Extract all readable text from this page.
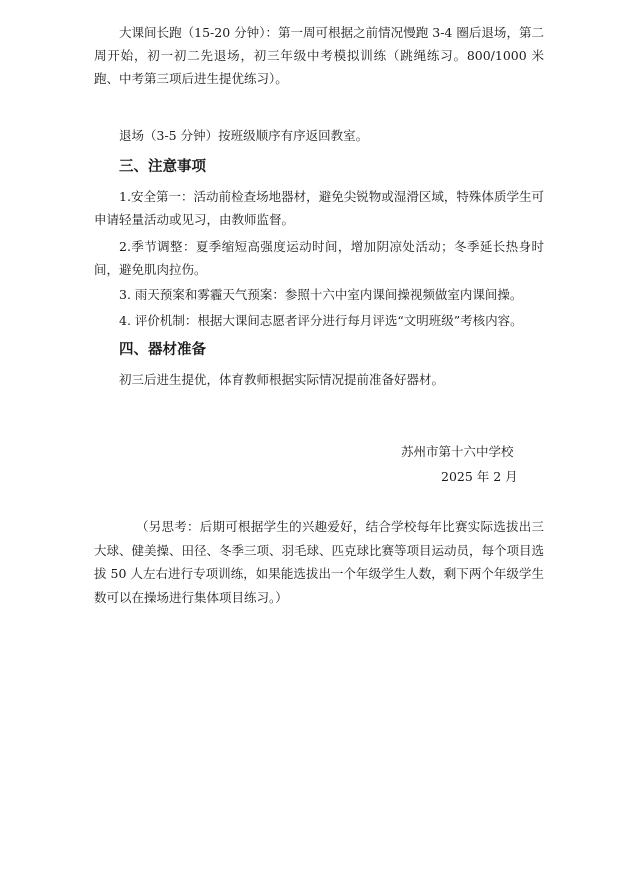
大课间长跑（15-20 分钟）：第一周可根据之前情况慢跑 3-4 圈后退场，第二周开始，初一初二先退场，初三年级中考模拟训练（跳绳练习。800/1000 米跑、中考第三项后进生提优练习）。

退场（3-5 分钟）按班级顺序有序返回教室。

三、注意事项

1.安全第一：活动前检查场地器材，避免尖锐物或湿滑区域，特殊体质学生可申请轻量活动或见习，由教师监督。

2.季节调整：夏季缩短高强度运动时间，增加阴凉处活动；冬季延长热身时间，避免肌肉拉伤。

3. 雨天预案和雾霾天气预案：参照十六中室内课间操视频做室内课间操。

4. 评价机制：根据大课间志愿者评分进行每月评选“文明班级”考核内容。

四、器材准备

初三后进生提优，体育教师根据实际情况提前准备好器材。

苏州市第十六中学校

2025 年 2 月

（另思考：后期可根据学生的兴趣爱好，结合学校每年比赛实际选拔出三大球、健美操、田径、冬季三项、羽毛球、匹克球比赛等项目运动员，每个项目选拔 50 人左右进行专项训练，如果能选拔出一个年级学生人数，剩下两个年级学生数可以在操场进行集体项目练习。）
